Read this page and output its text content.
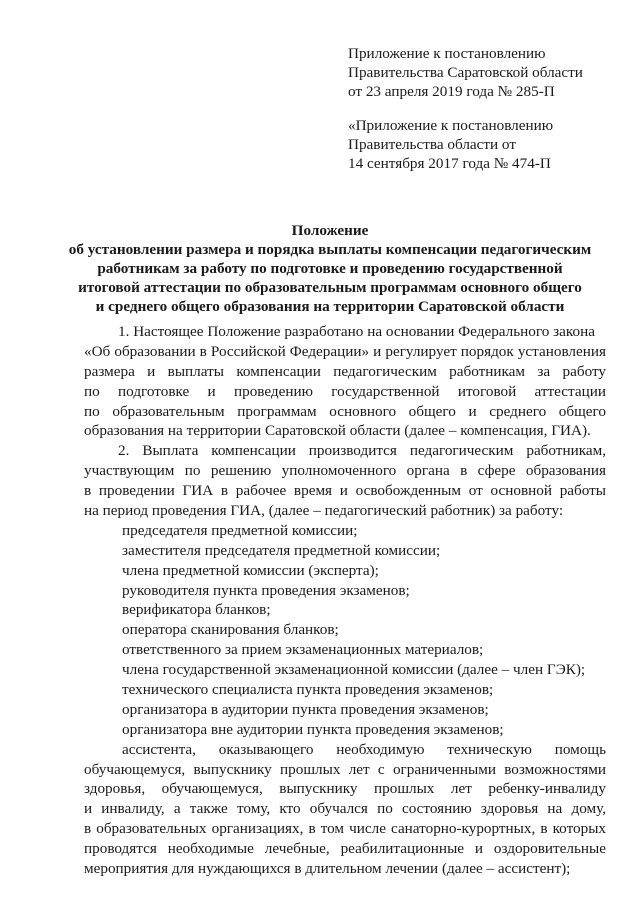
Приложение к постановлению
Правительства Саратовской области
от 23 апреля 2019 года № 285-П
«Приложение к постановлению
Правительства области от
14 сентября 2017 года № 474-П
Положение
об установлении размера и порядка выплаты компенсации педагогическим
работникам за работу по подготовке и проведению государственной
итоговой аттестации по образовательным программам основного общего
и среднего общего образования на территории Саратовской области
1. Настоящее Положение разработано на основании Федерального закона
«Об образовании в Российской Федерации» и регулирует порядок установления
размера и выплаты компенсации педагогическим работникам за работу
по подготовке и проведению государственной итоговой аттестации
по образовательным программам основного общего и среднего общего
образования на территории Саратовской области (далее – компенсация, ГИА).
2. Выплата компенсации производится педагогическим работникам,
участвующим по решению уполномоченного органа в сфере образования
в проведении ГИА в рабочее время и освобожденным от основной работы
на период проведения ГИА, (далее – педагогический работник) за работу:
председателя предметной комиссии;
заместителя председателя предметной комиссии;
члена предметной комиссии (эксперта);
руководителя пункта проведения экзаменов;
верификатора бланков;
оператора сканирования бланков;
ответственного за прием экзаменационных материалов;
члена государственной экзаменационной комиссии (далее – член ГЭК);
технического специалиста пункта проведения экзаменов;
организатора в аудитории пункта проведения экзаменов;
организатора вне аудитории пункта проведения экзаменов;
ассистента, оказывающего необходимую техническую помощь
обучающемуся, выпускнику прошлых лет с ограниченными возможностями
здоровья, обучающемуся, выпускнику прошлых лет ребенку-инвалиду
и инвалиду, а также тому, кто обучался по состоянию здоровья на дому,
в образовательных организациях, в том числе санаторно-курортных, в которых
проводятся необходимые лечебные, реабилитационные и оздоровительные
мероприятия для нуждающихся в длительном лечении (далее – ассистент);
